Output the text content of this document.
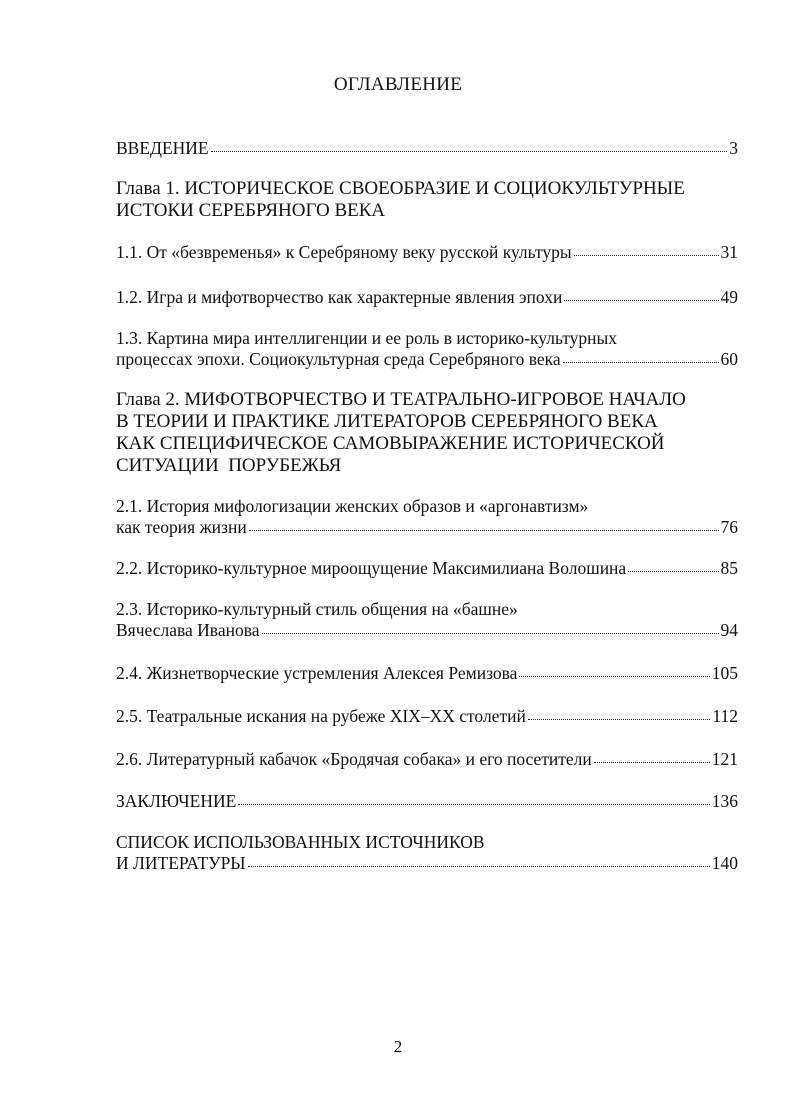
ОГЛАВЛЕНИЕ
ВВЕДЕНИЕ	3
Глава 1. ИСТОРИЧЕСКОЕ СВОЕОБРАЗИЕ И СОЦИОКУЛЬТУРНЫЕ
ИСТОКИ СЕРЕБРЯНОГО ВЕКА
1.1. От «безвременья» к Серебряному веку русской культуры	31
1.2. Игра и мифотворчество как характерные явления эпохи	49
1.3. Картина мира интеллигенции и ее роль в историко-культурных
процессах эпохи. Социокультурная среда Серебряного века	60
Глава 2. МИФОТВОРЧЕСТВО И ТЕАТРАЛЬНО-ИГРОВОЕ НАЧАЛО
В ТЕОРИИ И ПРАКТИКЕ ЛИТЕРАТОРОВ СЕРЕБРЯНОГО ВЕКА
КАК СПЕЦИФИЧЕСКОЕ САМОВЫРАЖЕНИЕ ИСТОРИЧЕСКОЙ
СИТУАЦИИ  ПОРУБЕЖЬЯ
2.1. История мифологизации женских образов и «аргонавтизм»
как теория жизни	76
2.2. Историко-культурное мироощущение Максимилиана Волошина	85
2.3. Историко-культурный стиль общения на «башне»
Вячеслава Иванова	94
2.4. Жизнетворческие устремления Алексея Ремизова	105
2.5. Театральные искания на рубеже XIX–XX столетий	112
2.6. Литературный кабачок «Бродячая собака» и его посетители	121
ЗАКЛЮЧЕНИЕ	136
СПИСОК ИСПОЛЬЗОВАННЫХ ИСТОЧНИКОВ
И ЛИТЕРАТУРЫ	140
2
